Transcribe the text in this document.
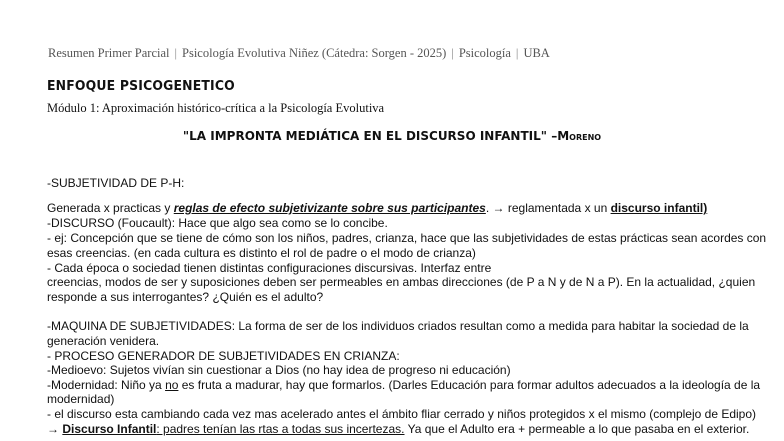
Resumen Primer Parcial | Psicología Evolutiva Niñez (Cátedra: Sorgen - 2025) | Psicología | UBA
ENFOQUE PSICOGENETICO
Módulo 1: Aproximación histórico-crítica a la Psicología Evolutiva
"LA IMPRONTA MEDIÁTICA EN EL DISCURSO INFANTIL" –Moreno
-SUBJETIVIDAD DE P-H:
Generada x practicas y reglas de efecto subjetivizante sobre sus participantes. → reglamentada x un discurso infantil)
-DISCURSO (Foucault): Hace que algo sea como se lo concibe.
- ej: Concepción que se tiene de cómo son los niños, padres, crianza, hace que las subjetividades de estas prácticas sean acordes con
esas creencias. (en cada cultura es distinto el rol de padre o el modo de crianza)
- Cada época o sociedad tienen distintas configuraciones discursivas. Interfaz entre
creencias, modos de ser y suposiciones deben ser permeables en ambas direcciones (de P a N y de N a P). En la actualidad, ¿quien
responde a sus interrogantes? ¿Quién es el adulto?
-MAQUINA DE SUBJETIVIDADES: La forma de ser de los individuos criados resultan como a medida para habitar la sociedad de la
generación venidera.
- PROCESO GENERADOR DE SUBJETIVIDADES EN CRIANZA:
-Medioevo: Sujetos vivían sin cuestionar a Dios (no hay idea de progreso ni educación)
-Modernidad: Niño ya no es fruta a madurar, hay que formarlos. (Darles Educación para formar adultos adecuados a la ideología de la
modernidad)
- el discurso esta cambiando cada vez mas acelerado antes el ámbito fliar cerrado y niños protegidos x el mismo (complejo de Edipo)
→ Discurso Infantil: padres tenían las rtas a todas sus incertezas. Ya que el Adulto era + permeable a lo que pasaba en el exterior.
